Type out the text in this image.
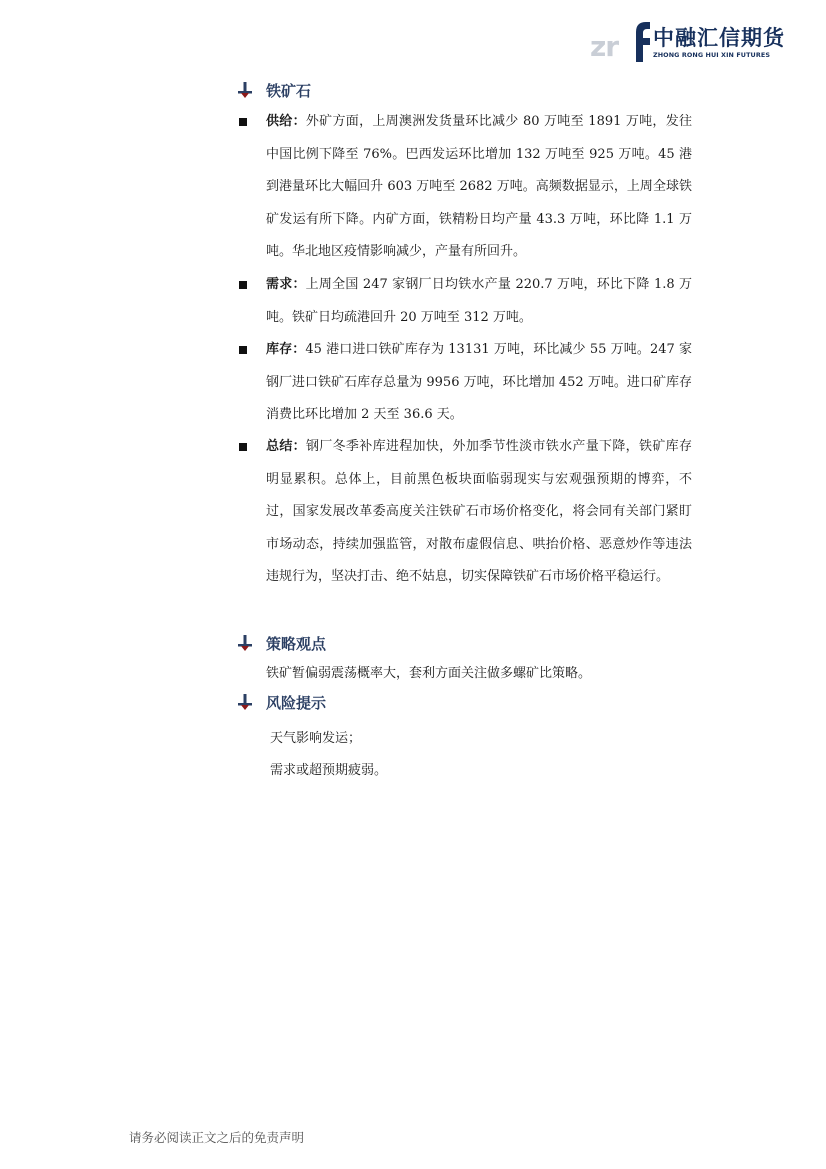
zr 中融汇信期货
ZHONG RONG HUI XIN FUTURES
铁矿石

供给：外矿方面，上周澳洲发货量环比减少 80 万吨至 1891 万吨，发往中国比例下降至 76%。巴西发运环比增加 132 万吨至 925 万吨。45 港到港量环比大幅回升 603 万吨至 2682 万吨。高频数据显示，上周全球铁矿发运有所下降。内矿方面，铁精粉日均产量 43.3 万吨，环比降 1.1 万吨。华北地区疫情影响减少，产量有所回升。

需求：上周全国 247 家钢厂日均铁水产量 220.7 万吨，环比下降 1.8 万吨。铁矿日均疏港回升 20 万吨至 312 万吨。

库存：45 港口进口铁矿库存为 13131 万吨，环比减少 55 万吨。247 家钢厂进口铁矿石库存总量为 9956 万吨，环比增加 452 万吨。进口矿库存消费比环比增加 2 天至 36.6 天。

总结：钢厂冬季补库进程加快，外加季节性淡市铁水产量下降，铁矿库存明显累积。总体上，目前黑色板块面临弱现实与宏观强预期的博弈，不过，国家发展改革委高度关注铁矿石市场价格变化，将会同有关部门紧盯市场动态，持续加强监管，对散布虚假信息、哄抬价格、恶意炒作等违法违规行为，坚决打击、绝不姑息，切实保障铁矿石市场价格平稳运行。

策略观点
铁矿暂偏弱震荡概率大，套利方面关注做多螺矿比策略。
风险提示
天气影响发运；
需求或超预期疲弱。
请务必阅读正文之后的免责声明
